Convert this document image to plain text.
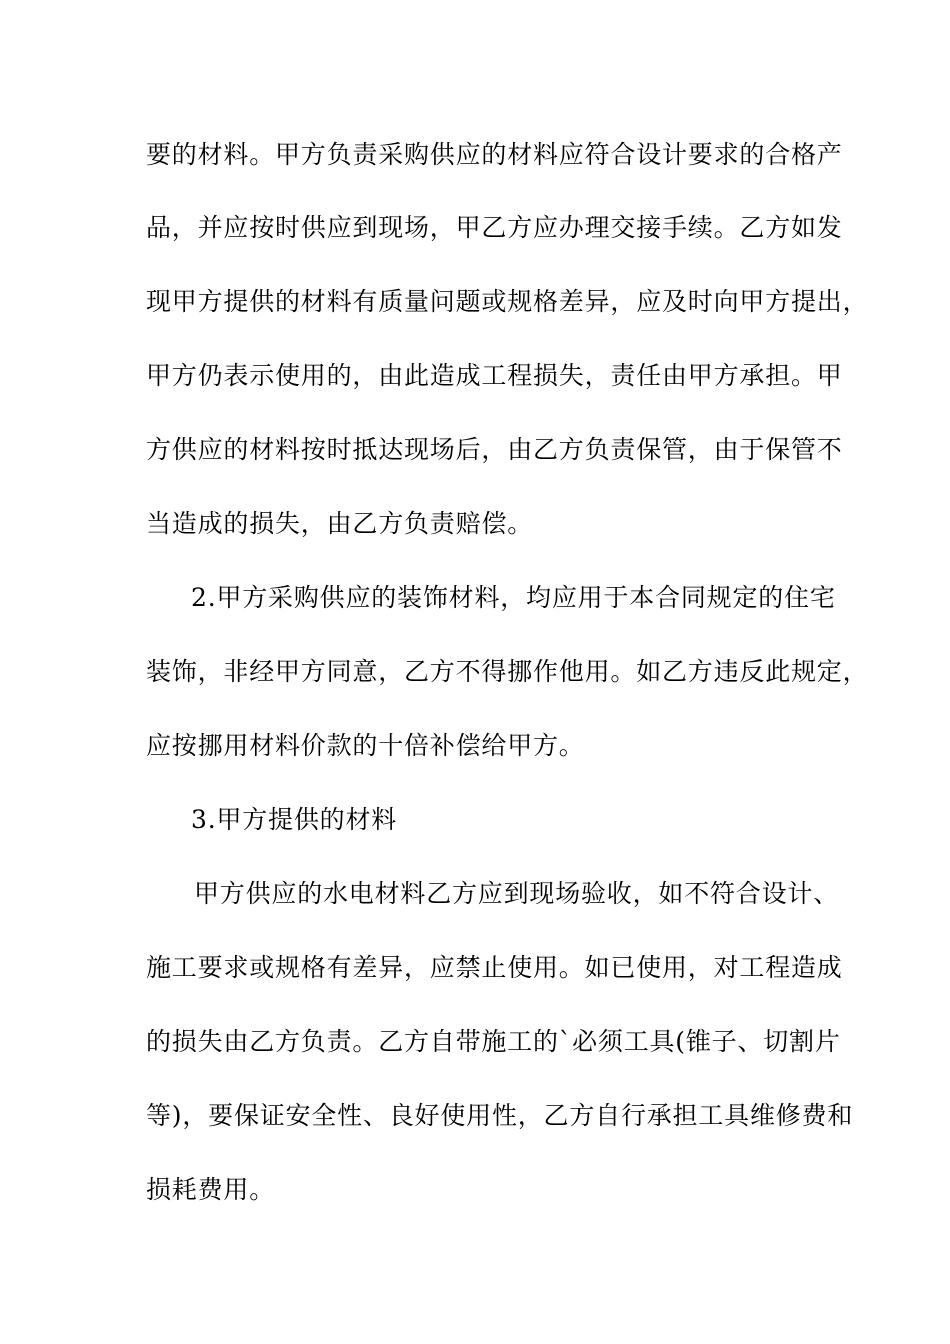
要的材料。甲方负责采购供应的材料应符合设计要求的合格产
品，并应按时供应到现场，甲乙方应办理交接手续。乙方如发
现甲方提供的材料有质量问题或规格差异，应及时向甲方提出，
甲方仍表示使用的，由此造成工程损失，责任由甲方承担。甲
方供应的材料按时抵达现场后，由乙方负责保管，由于保管不
当造成的损失，由乙方负责赔偿。
2.甲方采购供应的装饰材料，均应用于本合同规定的住宅
装饰，非经甲方同意，乙方不得挪作他用。如乙方违反此规定，
应按挪用材料价款的十倍补偿给甲方。
3.甲方提供的材料
甲方供应的水电材料乙方应到现场验收，如不符合设计、
施工要求或规格有差异，应禁止使用。如已使用，对工程造成
的损失由乙方负责。乙方自带施工的`必须工具(锥子、切割片
等)，要保证安全性、良好使用性，乙方自行承担工具维修费和
损耗费用。
